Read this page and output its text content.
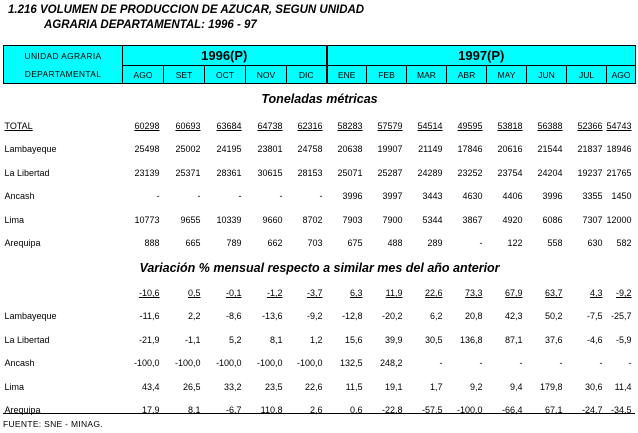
1.216 VOLUMEN DE PRODUCCION DE AZUCAR, SEGUN UNIDAD
AGRARIA DEPARTAMENTAL: 1996 - 97
UNIDAD AGRARIA	1996(P)					1997(P)							
DEPARTAMENTAL	AGO	SET	OCT	NOV	DIC	ENE	FEB	MAR	ABR	MAY	JUN	JUL	AGO
Toneladas métricas													
TOTAL	60298	60693	63684	64738	62316	58283	57579	54514	49595	53818	56388	52366	54743
Lambayeque	25498	25002	24195	23801	24758	20638	19907	21149	17846	20616	21544	21837	18946
La Libertad	23139	25371	28361	30615	28153	25071	25287	24289	23252	23754	24204	19237	21765
Ancash	-	-	-	-	-	3996	3997	3443	4630	4406	3996	3355	1450
Lima	10773	9655	10339	9660	8702	7903	7900	5344	3867	4920	6086	7307	12000
Arequipa	888	665	789	662	703	675	488	289	-	122	558	630	582
Variación % mensual respecto a similar mes del año anterior													
	-10,6	0,5	-0,1	-1,2	-3,7	6,3	11,9	22,6	73,3	67,9	63,7	4,3	-9,2
Lambayeque	-11,6	2,2	-8,6	-13,6	-9,2	-12,8	-20,2	6,2	20,8	42,3	50,2	-7,5	-25,7
La Libertad	-21,9	-1,1	5,2	8,1	1,2	15,6	39,9	30,5	136,8	87,1	37,6	-4,6	-5,9
Ancash	-100,0	-100,0	-100,0	-100,0	-100,0	132,5	248,2	-	-	-	-	-	-
Lima	43,4	26,5	33,2	23,5	22,6	11,5	19,1	1,7	9,2	9,4	179,8	30,6	11,4
Arequipa	17,9	8,1	-6,7	110,8	2,6	0,6	-22,8	-57,5	-100,0	-66,4	67,1	-24,7	-34,5
FUENTE: SNE - MINAG.
